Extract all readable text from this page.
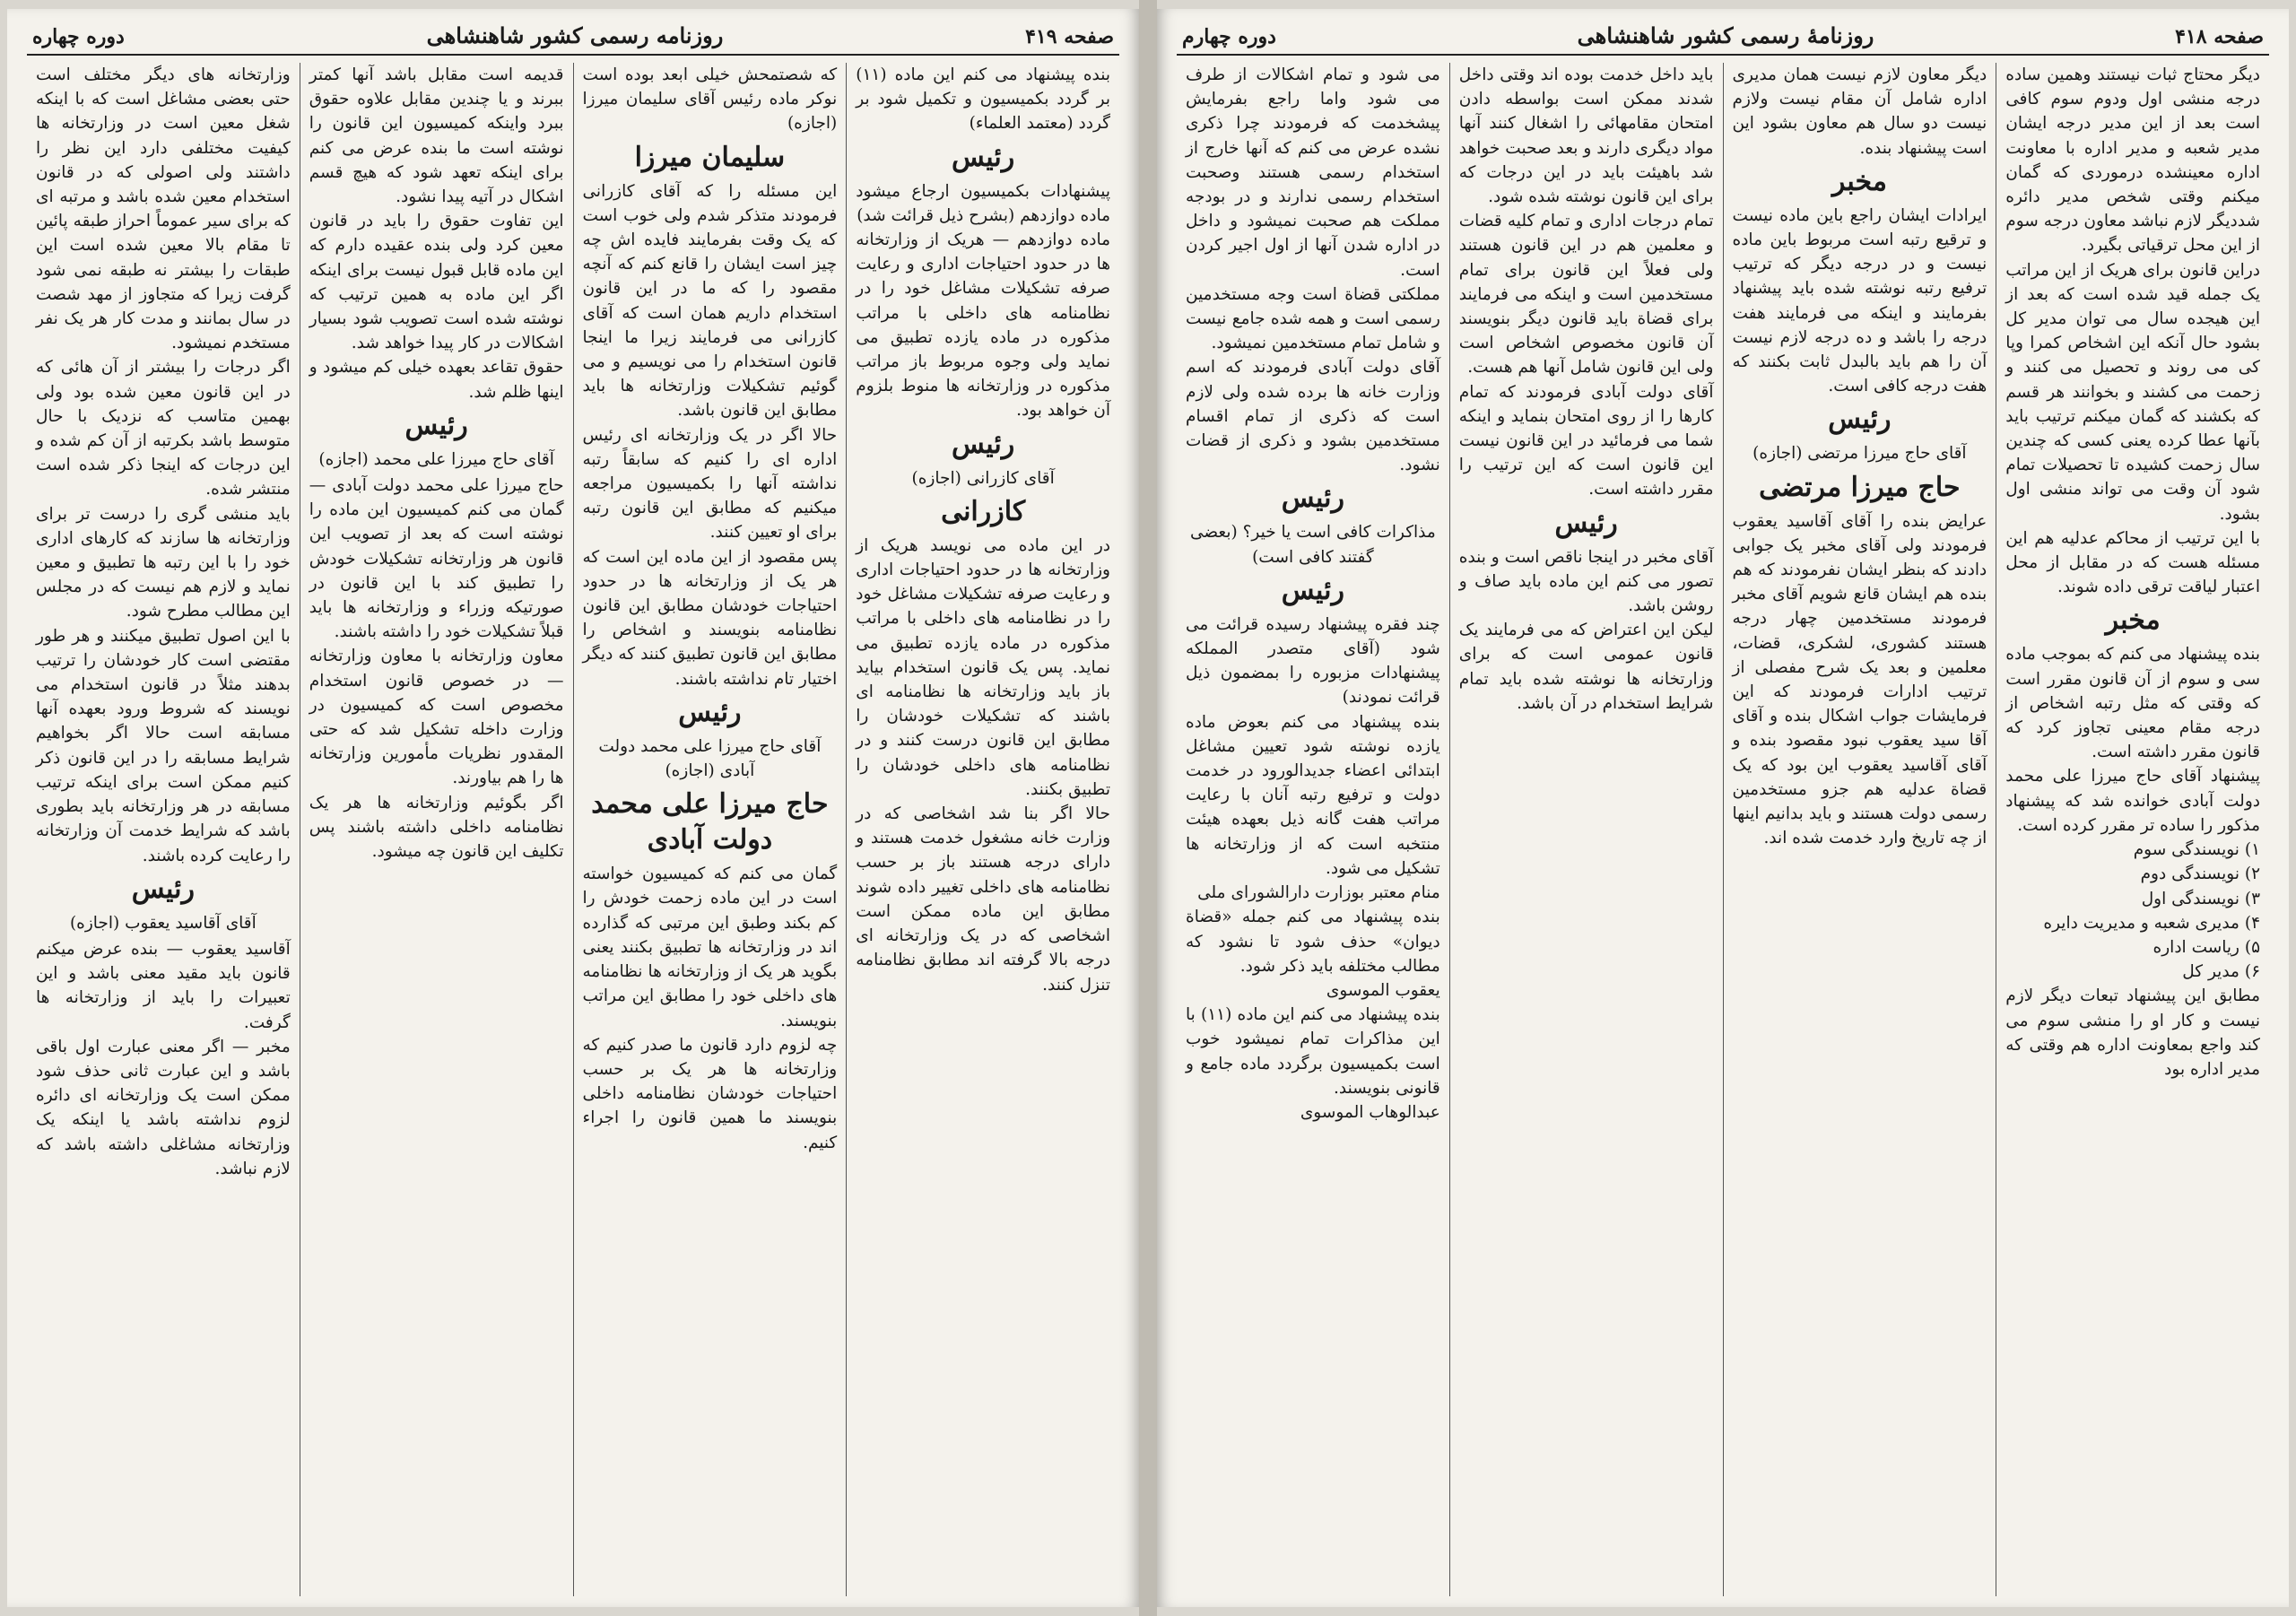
صفحه ۴۱۹
روزنامه رسمی کشور شاهنشاهی
دوره چهاره

بنده پیشنهاد می کنم این ماده (۱۱) بر گردد بکمیسیون و تکمیل شود بر گردد (معتمد العلماء)

رئیس

پیشنهادات بکمیسیون ارجاع میشود ماده دوازدهم (بشرح ذیل قرائت شد)

ماده دوازدهم — هریک از وزارتخانه ها در حدود احتیاجات اداری و رعایت صرفه تشکیلات مشاغل خود را در نظامنامه های داخلی با مراتب مذکوره در ماده یازده تطبیق می نماید ولی وجوه مربوط باز مراتب مذکوره در وزارتخانه ها منوط بلزوم آن خواهد بود.

رئیس
آقای کازرانی (اجازه)
کازرانی

در این ماده می نویسد هریک از وزارتخانه ها در حدود احتیاجات اداری و رعایت صرفه تشکیلات مشاغل خود را در نظامنامه های داخلی با مراتب مذکوره در ماده یازده تطبیق می نماید. پس یک قانون استخدام بیاید باز باید وزارتخانه ها نظامنامه ای باشند که تشکیلات خودشان را مطابق این قانون درست کنند و در نظامنامه های داخلی خودشان را تطبیق بکنند.

حالا اگر بنا شد اشخاصی که در وزارت خانه مشغول خدمت هستند و دارای درجه هستند باز بر حسب نظامنامه های داخلی تغییر داده شوند مطابق این ماده ممکن است اشخاصی که در یک وزارتخانه ای درجه بالا گرفته اند مطابق نظامنامه تنزل کنند.

که شصتمحش خیلی ابعد بوده است نوکر ماده رئیس آقای سلیمان میرزا (اجازه)

سلیمان میرزا

این مسئله را که آقای کازرانی فرمودند متذکر شدم ولی خوب است که یک وقت بفرمایند فایده اش چه چیز است ایشان را قانع کنم که آنچه مقصود را که ما در این قانون استخدام داریم همان است که آقای کازرانی می فرمایند زیرا ما اینجا قانون استخدام را می نویسیم و می گوئیم تشکیلات وزارتخانه ها باید مطابق این قانون باشد.

حالا اگر در یک وزارتخانه ای رئیس اداره ای را کنیم که سابقاً رتبه نداشته آنها را بکمیسیون مراجعه میکنیم که مطابق این قانون رتبه برای او تعیین کنند.

پس مقصود از این ماده این است که هر یک از وزارتخانه ها در حدود احتیاجات خودشان مطابق این قانون نظامنامه بنویسند و اشخاص را مطابق این قانون تطبیق کنند که دیگر اختیار تام نداشته باشند.

رئیس
آقای حاج میرزا علی محمد دولت آبادی (اجازه)
حاج میرزا علی محمد دولت آبادی

گمان می کنم که کمیسیون خواسته است در این ماده زحمت خودش را کم بکند وطبق این مرتبی که گذارده اند در وزارتخانه ها تطبیق بکنند یعنی بگوید هر یک از وزارتخانه ها نظامنامه های داخلی خود را مطابق این مراتب بنویسند.

چه لزوم دارد قانون ما صدر کنیم که وزارتخانه ها هر یک بر حسب احتیاجات خودشان نظامنامه داخلی بنویسند ما همین قانون را اجراء کنیم.

قدیمه است مقابل باشد آنها کمتر ببرند و یا چندین مقابل علاوه حقوق ببرد واینکه کمیسیون این قانون را نوشته است ما بنده عرض می کنم برای اینکه تعهد شود که هیچ قسم اشکال در آتیه پیدا نشود.

این تفاوت حقوق را باید در قانون معین کرد ولی بنده عقیده دارم که این ماده قابل قبول نیست برای اینکه اگر این ماده به همین ترتیب که نوشته شده است تصویب شود بسیار اشکالات در کار پیدا خواهد شد.

حقوق تقاعد بعهده خیلی کم میشود و اینها ظلم شد.

رئیس
آقای حاج میرزا علی محمد (اجازه)

حاج میرزا علی محمد دولت آبادی — گمان می کنم کمیسیون این ماده را نوشته است که بعد از تصویب این قانون هر وزارتخانه تشکیلات خودش را تطبیق کند با این قانون در صورتیکه وزراء و وزارتخانه ها باید قبلاً تشکیلات خود را داشته باشند.

معاون وزارتخانه با معاون وزارتخانه — در خصوص قانون استخدام مخصوص است که کمیسیون در وزارت داخله تشکیل شد که حتی المقدور نظریات مأمورین وزارتخانه ها را هم بیاورند.

اگر بگوئیم وزارتخانه ها هر یک نظامنامه داخلی داشته باشند پس تکلیف این قانون چه میشود.

وزارتخانه های دیگر مختلف است حتی بعضی مشاغل است که با اینکه شغل معین است در وزارتخانه ها کیفیت مختلفی دارد این نظر را داشتند ولی اصولی که در قانون استخدام معین شده باشد و مرتبه ای که برای سیر عموماً احراز طبقه پائین تا مقام بالا معین شده است این طبقات را بیشتر نه طبقه نمی شود گرفت زیرا که متجاوز از مهد شصت در سال بمانند و مدت کار هر یک نفر مستخدم نمیشود.

اگر درجات را بیشتر از آن هائی که در این قانون معین شده بود ولی بهمین متاسب که نزدیک با حال متوسط باشد بکرتبه از آن کم شده و این درجات که اینجا ذکر شده است منتشر شده.

باید منشی گری را درست تر برای وزارتخانه ها سازند که کارهای اداری خود را با این رتبه ها تطبیق و معین نماید و لازم هم نیست که در مجلس این مطالب مطرح شود.

با این اصول تطبیق میکنند و هر طور مقتضی است کار خودشان را ترتیب بدهند مثلاً در قانون استخدام می نویسند که شروط ورود بعهده آنها مسابقه است حالا اگر بخواهیم شرایط مسابقه را در این قانون ذکر کنیم ممکن است برای اینکه ترتیب مسابقه در هر وزارتخانه باید بطوری باشد که شرایط خدمت آن وزارتخانه را رعایت کرده باشند.

رئیس
آقای آقاسید یعقوب (اجازه)

آقاسید یعقوب — بنده عرض میکنم قانون باید مقید معنی باشد و این تعبیرات را باید از وزارتخانه ها گرفت.

مخبر — اگر معنی عبارت اول باقی باشد و این عبارت ثانی حذف شود ممکن است یک وزارتخانه ای دائره لزوم نداشته باشد یا اینکه یک وزارتخانه مشاغلی داشته باشد که لازم نباشد.

صفحه ۴۱۸
روزنامهٔ رسمی کشور شاهنشاهی
دوره چهارم

دیگر محتاج ثبات نیستند وهمین ساده درجه منشی اول ودوم سوم کافی است بعد از این مدیر درجه ایشان مدیر شعبه و مدیر اداره با معاونت اداره معینشده درموردی که گمان میکنم وقتی شخص مدیر دائره شددیگر لازم نباشد معاون درجه سوم از این محل ترقیاتی بگیرد.

دراین قانون برای هریک از این مراتب یک جمله قید شده است که بعد از این هیجده سال می توان مدیر کل بشود حال آنکه این اشخاص کمرا وپا کی می روند و تحصیل می کنند و زحمت می کشند و بخوانند هر قسم که بکشند که گمان میکنم ترتیب باید بآنها عطا کرده یعنی کسی که چندین سال زحمت کشیده تا تحصیلات تمام شود آن وقت می تواند منشی اول بشود.

با این ترتیب از محاکم عدلیه هم این مسئله هست که در مقابل از محل اعتبار لیاقت ترقی داده شوند.

مخبر

بنده پیشنهاد می کنم که بموجب ماده سی و سوم از آن قانون مقرر است که وقتی که مثل رتبه اشخاص از درجه مقام معینی تجاوز کرد که قانون مقرر داشته است.

پیشنهاد آقای حاج میرزا علی محمد دولت آبادی خوانده شد که پیشنهاد مذکور را ساده تر مقرر کرده است.

۱) نویسندگی سوم
۲) نویسندگی دوم
۳) نویسندگی اول
۴) مدیری شعبه و مدیریت دایره
۵) ریاست اداره
۶) مدیر کل

مطابق این پیشنهاد تبعات دیگر لازم نیست و کار او را منشی سوم می کند واجع بمعاونت اداره هم وقتی که مدیر اداره بود

دیگر معاون لازم نیست همان مدیری اداره شامل آن مقام نیست ولازم نیست دو سال هم معاون بشود این است پیشنهاد بنده.

مخبر

ایرادات ایشان راجع باین ماده نیست و ترقیع رتبه است مربوط باین ماده نیست و در درجه دیگر که ترتیب ترفیع رتبه نوشته شده باید پیشنهاد بفرمایند و اینکه می فرمایند هفت درجه را باشد و ده درجه لازم نیست آن را هم باید بالبدل ثابت بکنند که هفت درجه کافی است.

رئیس
آقای حاج میرزا مرتضی (اجازه)
حاج میرزا مرتضی

عرایض بنده را آقای آقاسید یعقوب فرمودند ولی آقای مخبر یک جوابی دادند که بنظر ایشان نفرمودند که هم بنده هم ایشان قانع شویم آقای مخبر فرمودند مستخدمین چهار درجه هستند کشوری، لشکری، قضات، معلمین و بعد یک شرح مفصلی از ترتیب ادارات فرمودند که این فرمایشات جواب اشکال بنده و آقای آقا سید یعقوب نبود مقصود بنده و آقای آقاسید یعقوب این بود که یک قضاة عدلیه هم جزو مستخدمین رسمی دولت هستند و باید بدانیم اینها از چه تاریخ وارد خدمت شده اند.

باید داخل خدمت بوده اند وقتی داخل شدند ممکن است بواسطه دادن امتحان مقامهائی را اشغال کنند آنها مواد دیگری دارند و بعد صحبت خواهد شد باهیئت باید در این درجات که برای این قانون نوشته شده شود.

تمام درجات اداری و تمام کلیه قضات و معلمین هم در این قانون هستند ولی فعلاً این قانون برای تمام مستخدمین است و اینکه می فرمایند برای قضاة باید قانون دیگر بنویسند آن قانون مخصوص اشخاص است ولی این قانون شامل آنها هم هست.

آقای دولت آبادی فرمودند که تمام کارها را از روی امتحان بنماید و اینکه شما می فرمائید در این قانون نیست این قانون است که این ترتیب را مقرر داشته است.

رئیس

آقای مخبر در اینجا ناقص است و بنده تصور می کنم این ماده باید صاف و روشن باشد.

لیکن این اعتراض که می فرمایند یک قانون عمومی است که برای وزارتخانه ها نوشته شده باید تمام شرایط استخدام در آن باشد.

می شود و تمام اشکالات از طرف می شود واما راجع بفرمایش پیشخدمت که فرمودند چرا ذکری نشده عرض می کنم که آنها خارج از استخدام رسمی هستند وصحبت استخدام رسمی ندارند و در بودجه مملکت هم صحبت نمیشود و داخل در اداره شدن آنها از اول اجیر کردن است.

مملکتی قضاة است وجه مستخدمین رسمی است و همه شده جامع نیست و شامل تمام مستخدمین نمیشود.

آقای دولت آبادی فرمودند که اسم وزارت خانه ها برده شده ولی لازم است که ذکری از تمام اقسام مستخدمین بشود و ذکری از قضات نشود.

رئیس
مذاکرات کافی است یا خیر؟ (بعضی گفتند کافی است)
رئیس

چند فقره پیشنهاد رسیده قرائت می شود (آقای متصدر المملکه پیشنهادات مزبوره را بمضمون ذیل قرائت نمودند)

بنده پیشنهاد می کنم بعوض ماده یازده نوشته شود تعیین مشاغل ابتدائی اعضاء جدیدالورود در خدمت دولت و ترفیع رتبه آنان با رعایت مراتب هفت گانه ذیل بعهده هیئت منتخبه است که از وزارتخانه ها تشکیل می شود.

منام معتبر بوزارت دارالشورای ملی

بنده پیشنهاد می کنم جمله «قضاة دیوان» حذف شود تا نشود که مطالب مختلفه باید ذکر شود.

یعقوب الموسوی

بنده پیشنهاد می کنم این ماده (۱۱) با این مذاکرات تمام نمیشود خوب است بکمیسیون برگردد ماده جامع و قانونی بنویسند.

عبدالوهاب الموسوی
